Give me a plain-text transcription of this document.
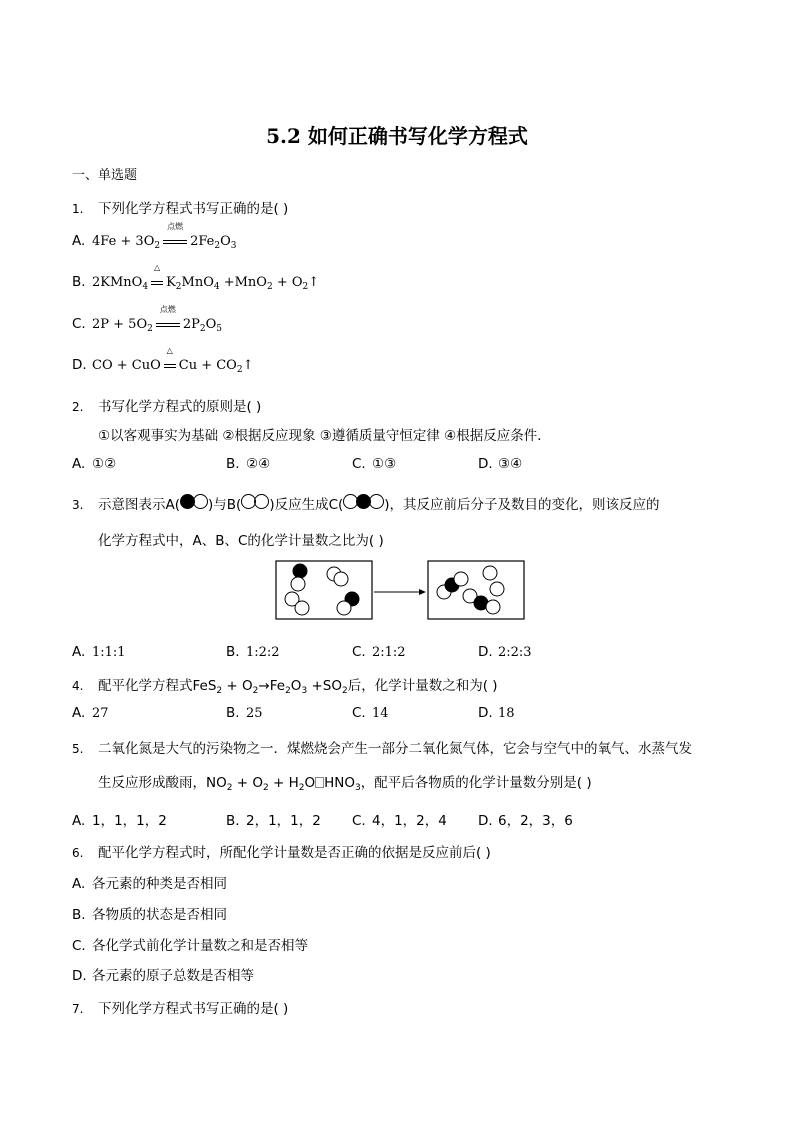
5.2 如何正确书写化学方程式
一、单选题
1. 下列化学方程式书写正确的是( )
A. $4Fe + 3O_2$
点燃
$2Fe_2O_3$
B. 2KMnO$_4$
△
$K_2MnO_4 +MnO_2$ + $O_2↑$
C. $2P + 5O_2$
点燃
$2P_2O_5$
D. CO + CuO
△
$Cu + CO_2↑$
2. 书写化学方程式的原则是( )
①以客观事实为基础 ②根据反应现象 ③遵循质量守恒定律 ④根据反应条件．
A. ①②	B. ②④	C. ①③	D. ③④
3. 示意图表示A( )与B( )反应生成C(	)，其反应前后分子及数目的变化，则该反应的
化学方程式中，A、B、C的化学计量数之比为( )
A. 1:1:1	B. 1:2:2	C. 2:1:2	D. 2:2:3
4. 配平化学方程式$FeS_2 + O_2\to Fe_2O_3 +SO_2$后，化学计量数之和为( )
A. 27	B. 25	C. 14	D. 18
5. 二氧化氮是大气的污染物之一．煤燃烧会产生一部分二氧化氮气体，它会与空气中的氧气、水蒸气发
生反应形成酸雨，$NO_2 + O_2 + H_2O$ $HNO_3$，配平后各物质的化学计量数分别是( )
A. 1，1，1，2	B. 2，1，1，2 C. 4，1，2，4 D. 6，2，3，6
6. 配平化学方程式时，所配化学计量数是否正确的依据是反应前后( )
A. 各元素的种类是否相同
B. 各物质的状态是否相同
C. 各化学式前化学计量数之和是否相等
D. 各元素的原子总数是否相等
7. 下列化学方程式书写正确的是( )
